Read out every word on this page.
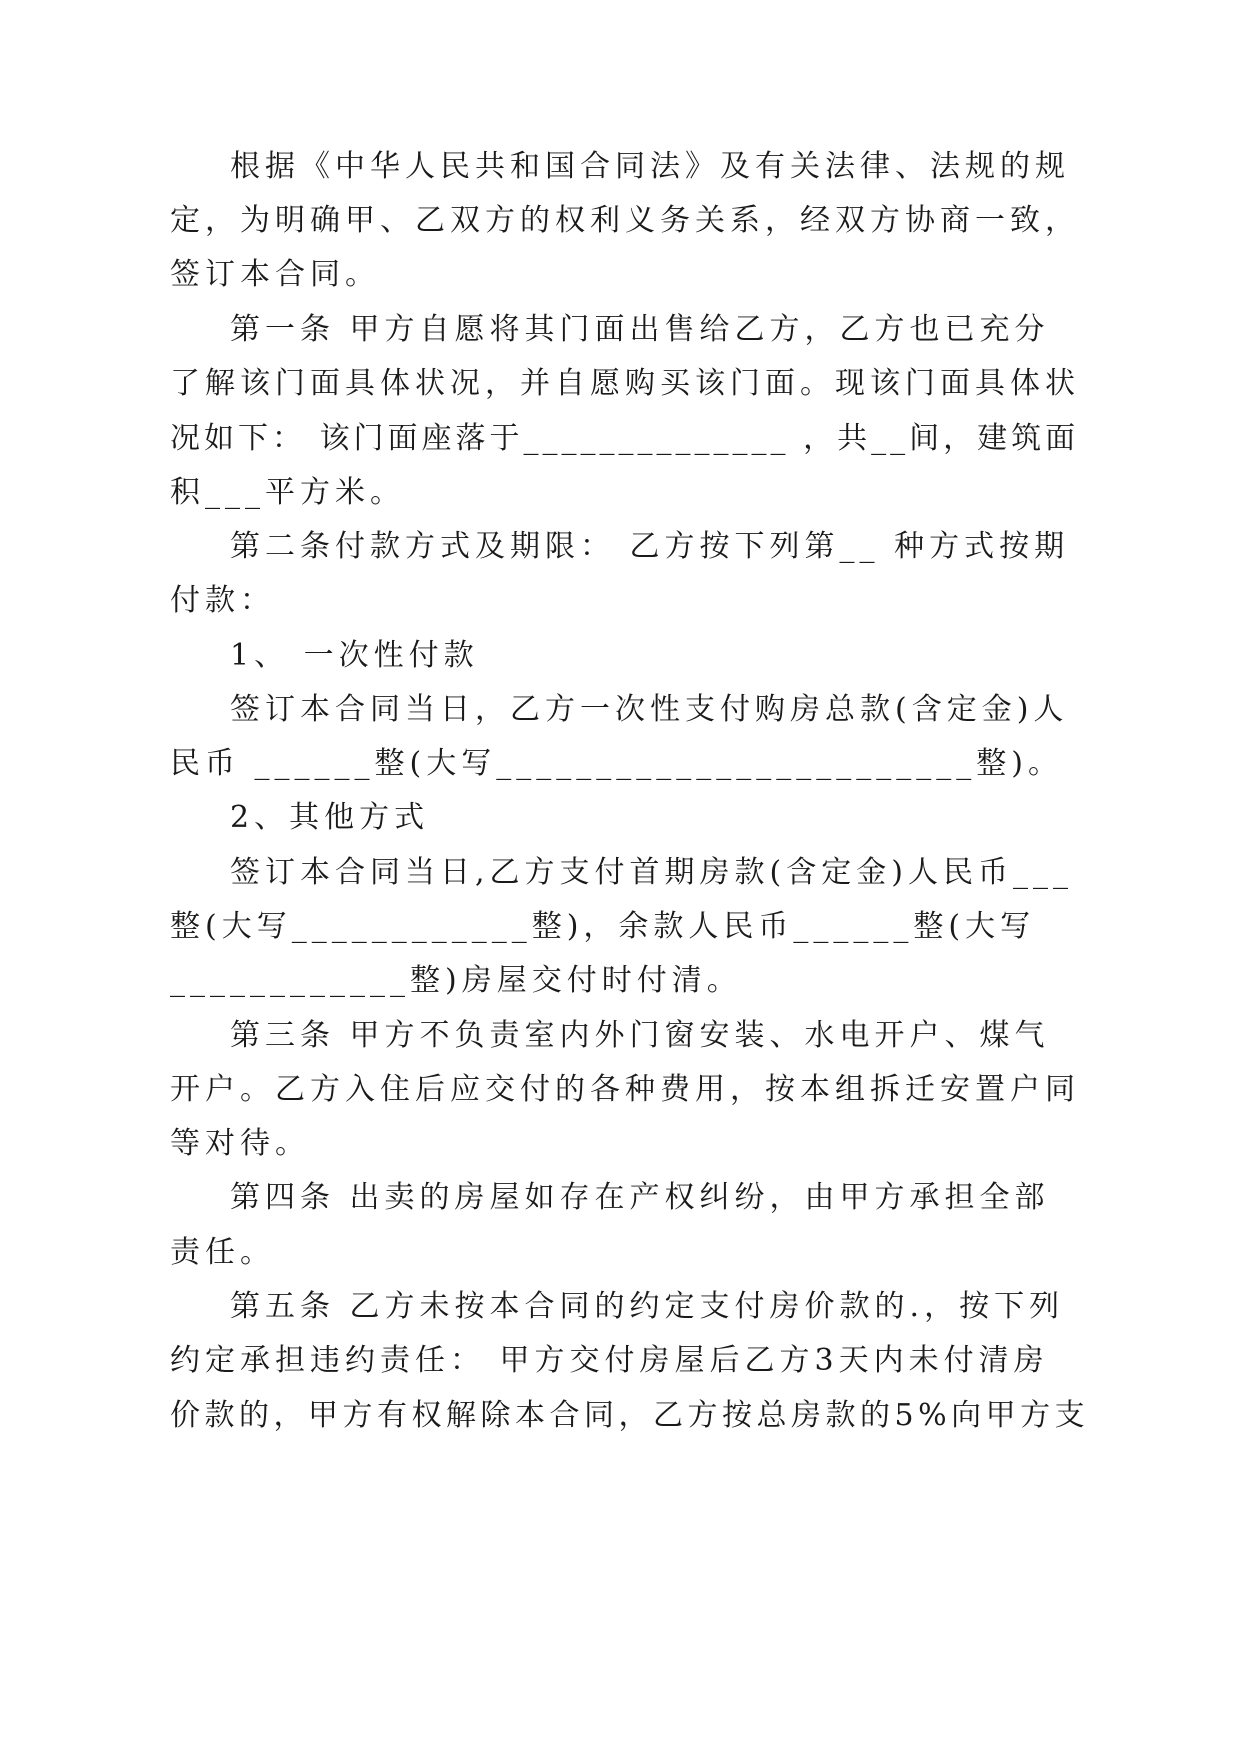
根据《中华人民共和国合同法》及有关法律、法规的规
定，为明确甲、乙双方的权利义务关系，经双方协商一致，
签订本合同。
第一条 甲方自愿将其门面出售给乙方，乙方也已充分
了解该门面具体状况，并自愿购买该门面。现该门面具体状
况如下： 该门面座落于______________ ，共__间，建筑面
积___平方米。
第二条付款方式及期限： 乙方按下列第__ 种方式按期
付款：
1、 一次性付款
签订本合同当日，乙方一次性支付购房总款(含定金)人
民币 ______整(大写________________________整)。
2、其他方式
签订本合同当日,乙方支付首期房款(含定金)人民币___
整(大写____________整)，余款人民币______整(大写
____________整)房屋交付时付清。
第三条 甲方不负责室内外门窗安装、水电开户、煤气
开户。乙方入住后应交付的各种费用，按本组拆迁安置户同
等对待。
第四条 出卖的房屋如存在产权纠纷，由甲方承担全部
责任。
第五条 乙方未按本合同的约定支付房价款的.，按下列
约定承担违约责任： 甲方交付房屋后乙方3天内未付清房
价款的，甲方有权解除本合同，乙方按总房款的5%向甲方支
